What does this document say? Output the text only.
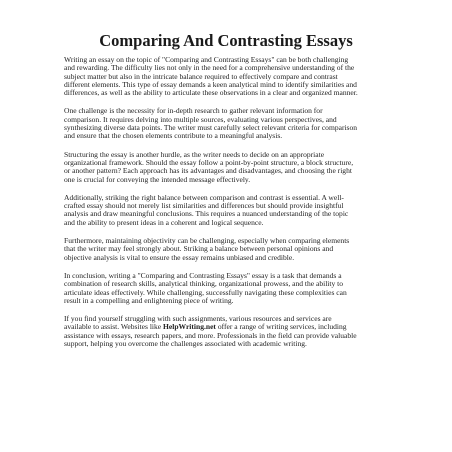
Comparing And Contrasting Essays

Writing an essay on the topic of "Comparing and Contrasting Essays" can be both challenging
and rewarding. The difficulty lies not only in the need for a comprehensive understanding of the
subject matter but also in the intricate balance required to effectively compare and contrast
different elements. This type of essay demands a keen analytical mind to identify similarities and
differences, as well as the ability to articulate these observations in a clear and organized manner.

One challenge is the necessity for in-depth research to gather relevant information for
comparison. It requires delving into multiple sources, evaluating various perspectives, and
synthesizing diverse data points. The writer must carefully select relevant criteria for comparison
and ensure that the chosen elements contribute to a meaningful analysis.

Structuring the essay is another hurdle, as the writer needs to decide on an appropriate
organizational framework. Should the essay follow a point-by-point structure, a block structure,
or another pattern? Each approach has its advantages and disadvantages, and choosing the right
one is crucial for conveying the intended message effectively.

Additionally, striking the right balance between comparison and contrast is essential. A well-
crafted essay should not merely list similarities and differences but should provide insightful
analysis and draw meaningful conclusions. This requires a nuanced understanding of the topic
and the ability to present ideas in a coherent and logical sequence.

Furthermore, maintaining objectivity can be challenging, especially when comparing elements
that the writer may feel strongly about. Striking a balance between personal opinions and
objective analysis is vital to ensure the essay remains unbiased and credible.

In conclusion, writing a "Comparing and Contrasting Essays" essay is a task that demands a
combination of research skills, analytical thinking, organizational prowess, and the ability to
articulate ideas effectively. While challenging, successfully navigating these complexities can
result in a compelling and enlightening piece of writing.

If you find yourself struggling with such assignments, various resources and services are
available to assist. Websites like HelpWriting.net offer a range of writing services, including
assistance with essays, research papers, and more. Professionals in the field can provide valuable
support, helping you overcome the challenges associated with academic writing.
